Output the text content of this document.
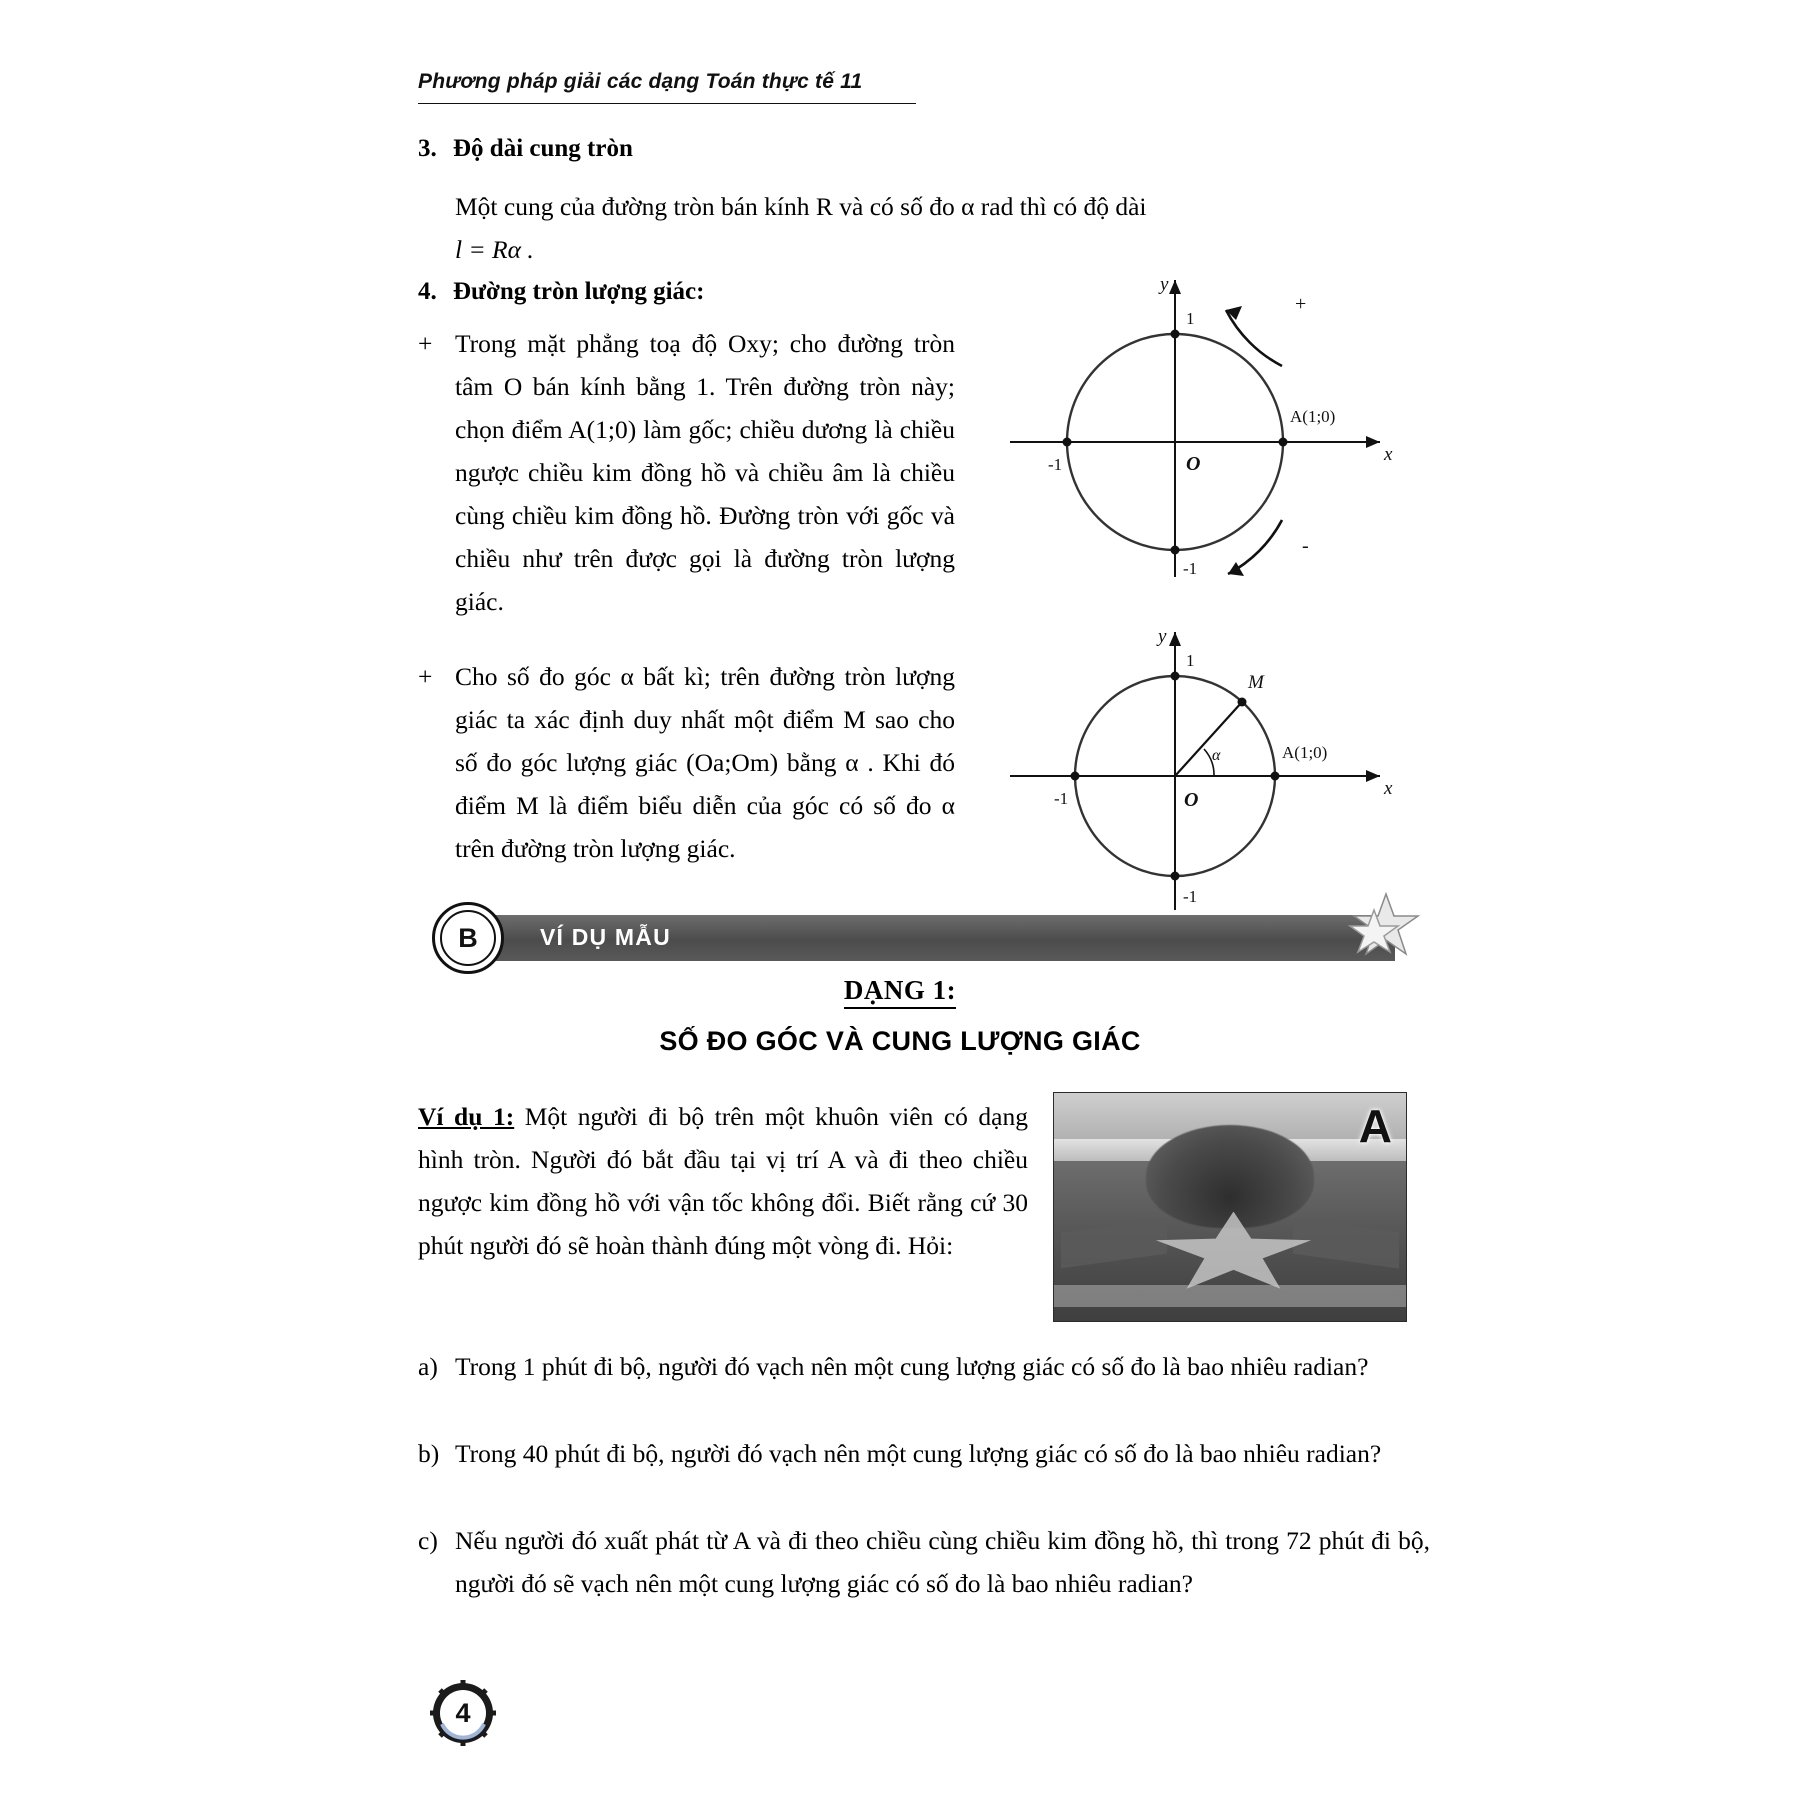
Phương pháp giải các dạng Toán thực tế 11
3. Độ dài cung tròn
Một cung của đường tròn bán kính R và có số đo α rad thì có độ dài
l = Rα .
4. Đường tròn lượng giác:
+ Trong mặt phẳng toạ độ Oxy; cho đường tròn tâm O bán kính bằng 1. Trên đường tròn này; chọn điểm A(1;0) làm gốc; chiều dương là chiều ngược chiều kim đồng hồ và chiều âm là chiều cùng chiều kim đồng hồ. Đường tròn với gốc và chiều như trên được gọi là đường tròn lượng giác.
+ Cho số đo góc α bất kì; trên đường tròn lượng giác ta xác định duy nhất một điểm M sao cho số đo góc lượng giác (Oa;Om) bằng α . Khi đó điểm M là điểm biểu diễn của góc có số đo α trên đường tròn lượng giác.
y
x
O
1
-1
-1
A(1;0)
+
-
y
x
O
1
-1
-1
M
A(1;0)
α
B	VÍ DỤ MẪU
DẠNG 1:
SỐ ĐO GÓC VÀ CUNG LƯỢNG GIÁC
A
Ví dụ 1: Một người đi bộ trên một khuôn viên có dạng hình tròn. Người đó bắt đầu tại vị trí A và đi theo chiều ngược kim đồng hồ với vận tốc không đổi. Biết rằng cứ 30 phút người đó sẽ hoàn thành đúng một vòng đi. Hỏi:
a) Trong 1 phút đi bộ, người đó vạch nên một cung lượng giác có số đo là bao nhiêu radian?
b) Trong 40 phút đi bộ, người đó vạch nên một cung lượng giác có số đo là bao nhiêu radian?
c) Nếu người đó xuất phát từ A và đi theo chiều cùng chiều kim đồng hồ, thì trong 72 phút đi bộ, người đó sẽ vạch nên một cung lượng giác có số đo là bao nhiêu radian?
4
